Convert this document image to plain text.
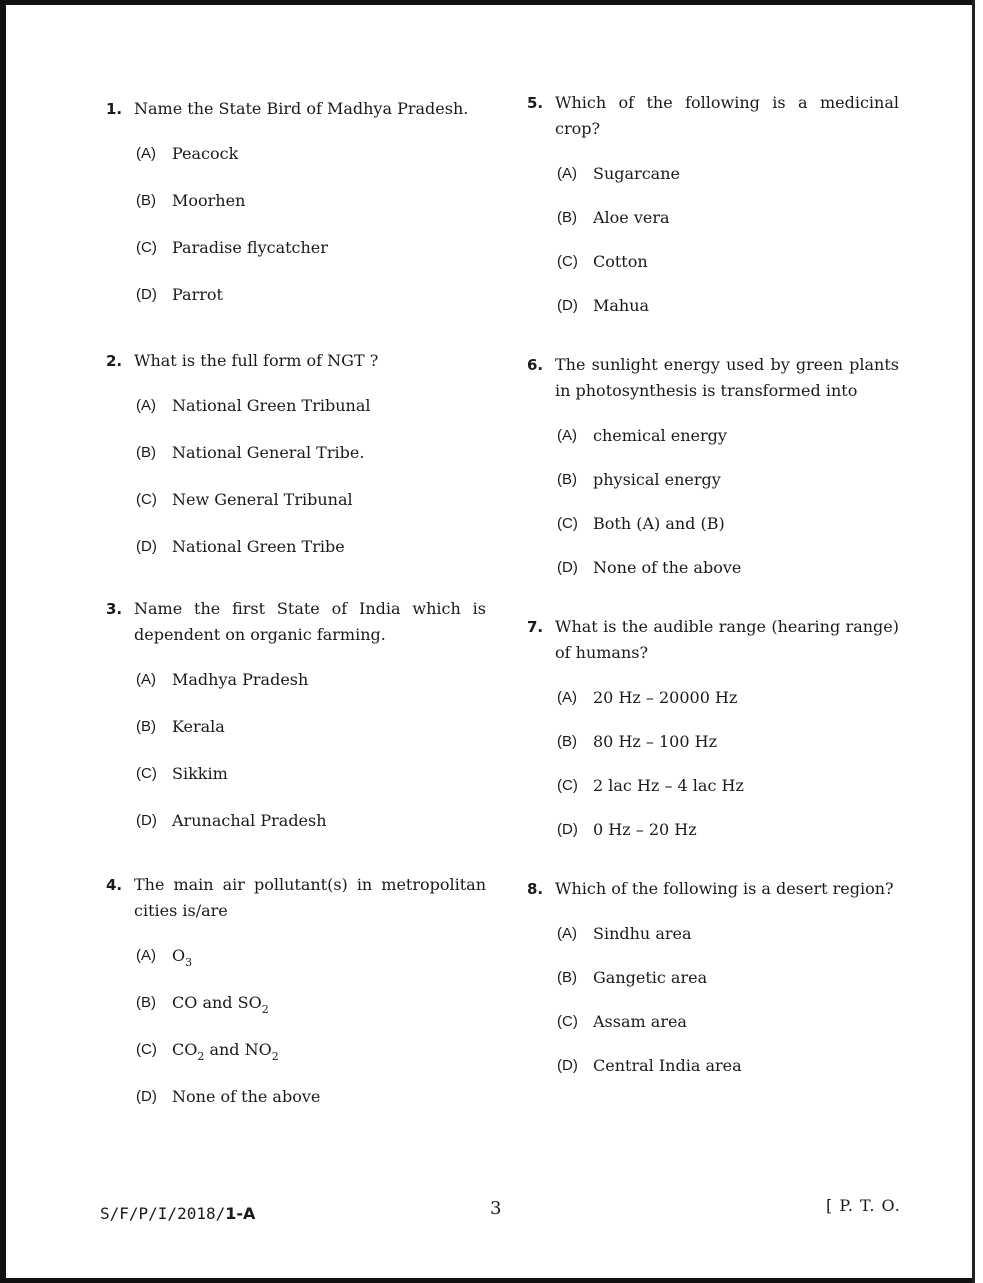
1. Name the State Bird of Madhya Pradesh.
(A)	Peacock
(B)	Moorhen
(C) Paradise flycatcher
(D) Parrot
2. What is the full form of NGT ?
(A)	National Green Tribunal
(B)	National General Tribe.
(C) New General Tribunal
(D) National Green Tribe
3. Name the first State of India which is dependent on organic farming.
(A)	Madhya Pradesh
(B)	Kerala
(C) Sikkim
(D) Arunachal Pradesh
4. The main air pollutant(s) in metropolitan cities is/are
(A)	$O_3$
(B)	CO and $SO_2$
(C) $CO_2$ and $NO_2$
(D) None of the above
5. Which of the following is a medicinal crop?
(A)	Sugarcane
(B)	Aloe vera
(C) Cotton
(D) Mahua
6. The sunlight energy used by green plants in photosynthesis is transformed into
(A)	chemical energy
(B)	physical energy
(C) Both (A) and (B)
(D) None of the above
7. What is the audible range (hearing range) of humans?
(A)	20 Hz – 20000 Hz
(B)	80 Hz – 100 Hz
(C) 2 lac Hz – 4 lac Hz
(D) 0 Hz – 20 Hz
8. Which of the following is a desert region?
(A)	Sindhu area
(B)	Gangetic area
(C) Assam area
(D) Central India area
S/F/P/I/2018/1-A	3	[ P. T. O.
